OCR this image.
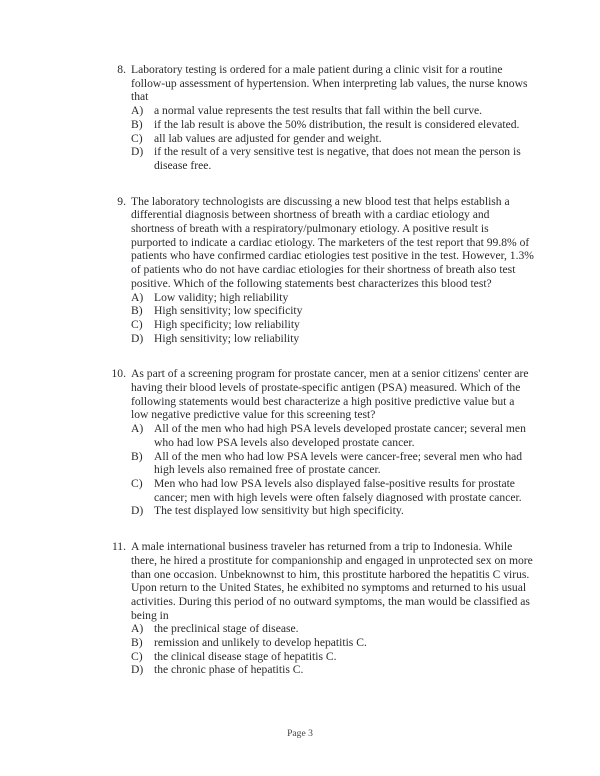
8. Laboratory testing is ordered for a male patient during a clinic visit for a routine follow-up assessment of hypertension. When interpreting lab values, the nurse knows that
A) a normal value represents the test results that fall within the bell curve.
B) if the lab result is above the 50% distribution, the result is considered elevated.
C) all lab values are adjusted for gender and weight.
D) if the result of a very sensitive test is negative, that does not mean the person is disease free.
9. The laboratory technologists are discussing a new blood test that helps establish a differential diagnosis between shortness of breath with a cardiac etiology and shortness of breath with a respiratory/pulmonary etiology. A positive result is purported to indicate a cardiac etiology. The marketers of the test report that 99.8% of patients who have confirmed cardiac etiologies test positive in the test. However, 1.3% of patients who do not have cardiac etiologies for their shortness of breath also test positive. Which of the following statements best characterizes this blood test?
A) Low validity; high reliability
B) High sensitivity; low specificity
C) High specificity; low reliability
D) High sensitivity; low reliability
10. As part of a screening program for prostate cancer, men at a senior citizens' center are having their blood levels of prostate-specific antigen (PSA) measured. Which of the following statements would best characterize a high positive predictive value but a low negative predictive value for this screening test?
A) All of the men who had high PSA levels developed prostate cancer; several men who had low PSA levels also developed prostate cancer.
B) All of the men who had low PSA levels were cancer-free; several men who had high levels also remained free of prostate cancer.
C) Men who had low PSA levels also displayed false-positive results for prostate cancer; men with high levels were often falsely diagnosed with prostate cancer.
D) The test displayed low sensitivity but high specificity.
11. A male international business traveler has returned from a trip to Indonesia. While there, he hired a prostitute for companionship and engaged in unprotected sex on more than one occasion. Unbeknownst to him, this prostitute harbored the hepatitis C virus. Upon return to the United States, he exhibited no symptoms and returned to his usual activities. During this period of no outward symptoms, the man would be classified as being in
A) the preclinical stage of disease.
B) remission and unlikely to develop hepatitis C.
C) the clinical disease stage of hepatitis C.
D) the chronic phase of hepatitis C.
Page 3
